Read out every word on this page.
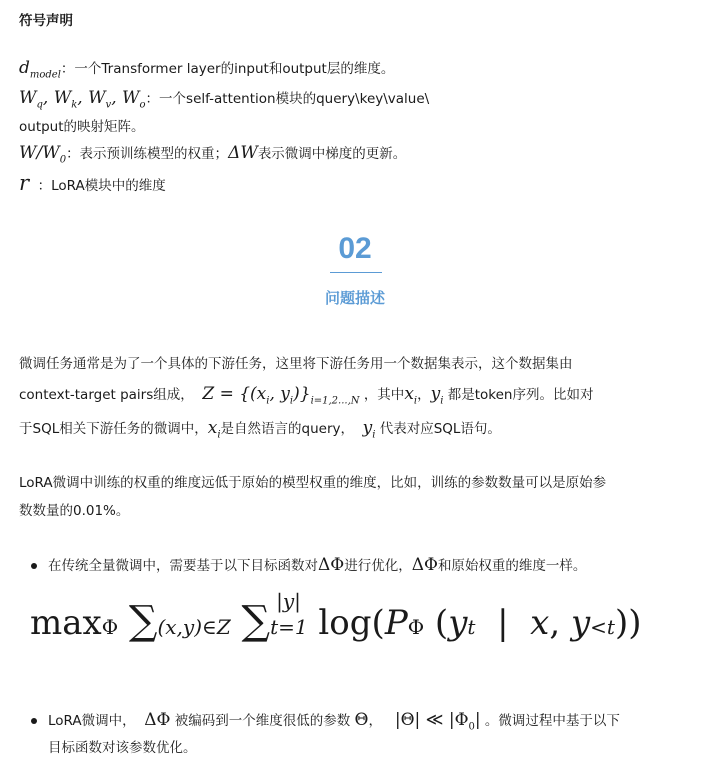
符号声明
$d_{model}$：一个Transformer layer的input和output层的维度。
$W_q$, $W_k$, $W_v$, $W_o$：一个self-attention模块的query\key\value\
output的映射矩阵。
$W/W_0$：表示预训练模型的权重；ΔW表示微调中梯度的更新。
r ：LoRA模块中的维度
02
问题描述
微调任务通常是为了一个具体的下游任务，这里将下游任务用一个数据集表示，这个数据集由
context-target pairs组成， $Z = \{(x_i$, $y_i)\}_{i=1,2...,N}$ ，其中$x_i$，$y_i$ 都是token序列。比如对
于SQL相关下游任务的微调中，$x_i$是自然语言的query， $y_i$ 代表对应SQL语句。
LoRA微调中训练的权重的维度远低于原始的模型权重的维度，比如，训练的参数数量可以是原始参
数数量的0.01%。
在传统全量微调中，需要基于以下目标函数对ΔΦ进行优化，ΔΦ和原始权重的维度一样。
maxΦ ∑(x,y)∈Z ∑ |y|
t=1 log(PΦ (yt  |  x, y<t))
LoRA微调中， ΔΦ 被编码到一个维度很低的参数 Θ， |Θ| ≪ $|\Phi_0|$ 。微调过程中基于以下
目标函数对该参数优化。
